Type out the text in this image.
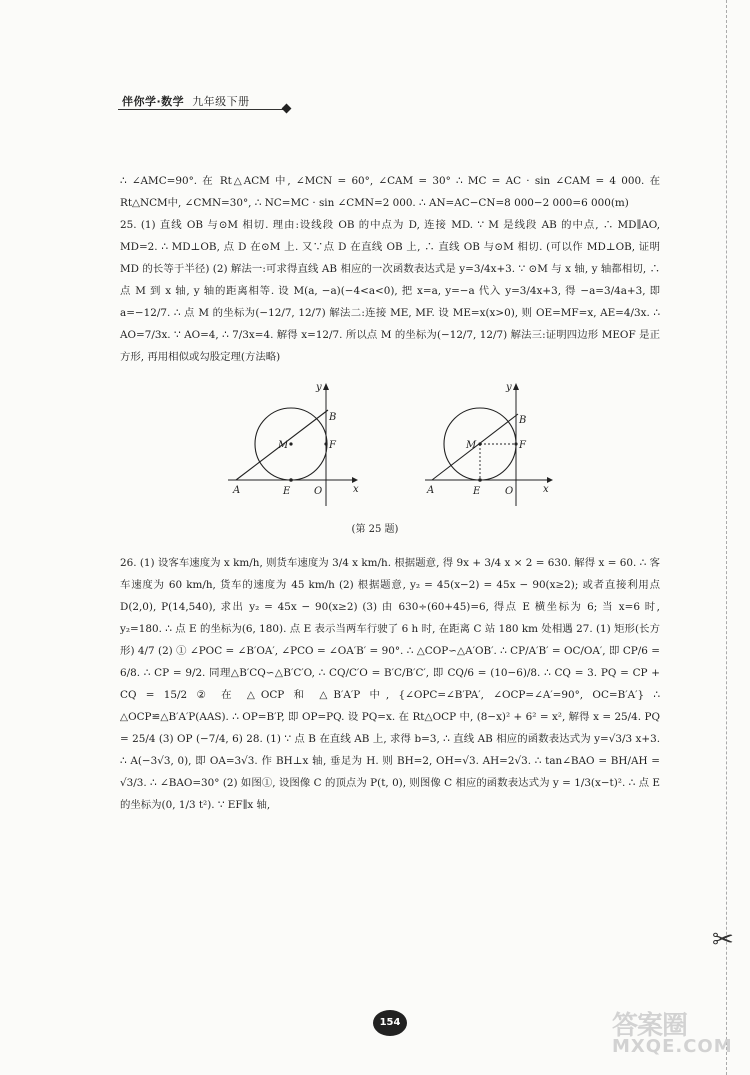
✂
伴你学·数学 九年级下册

∴ ∠AMC=90°. 在 Rt△ACM 中, ∠MCN = 60°, ∠CAM = 30° ∴ MC = AC · sin ∠CAM = 4 000. 在 Rt△NCM中, ∠CMN=30°, ∴ NC=MC · sin ∠CMN=2 000. ∴ AN=AC−CN=8 000−2 000=6 000(m)

25. (1) 直线 OB 与⊙M 相切. 理由:设线段 OB 的中点为 D, 连接 MD. ∵ M 是线段 AB 的中点, ∴ MD∥AO, MD=2. ∴ MD⊥OB, 点 D 在⊙M 上. 又∵点 D 在直线 OB 上, ∴ 直线 OB 与⊙M 相切. (可以作 MD⊥OB, 证明 MD 的长等于半径) (2) 解法一:可求得直线 AB 相应的一次函数表达式是 y=3/4x+3. ∵ ⊙M 与 x 轴, y 轴都相切, ∴ 点 M 到 x 轴, y 轴的距离相等. 设 M(a, −a)(−4<a<0), 把 x=a, y=−a 代入 y=3/4x+3, 得 −a=3/4a+3, 即 a=−12/7. ∴ 点 M 的坐标为(−12/7, 12/7) 解法二:连接 ME, MF. 设 ME=x(x>0), 则 OE=MF=x, AE=4/3x. ∴ AO=7/3x. ∵ AO=4, ∴ 7/3x=4. 解得 x=12/7. 所以点 M 的坐标为(−12/7, 12/7) 解法三:证明四边形 MEOF 是正方形, 再用相似或勾股定理(方法略)

y
x
A	E O
B
M	F
y
x
A	E O
B
M	F
(第 25 题)

26. (1) 设客车速度为 x km/h, 则货车速度为 3/4 x km/h. 根据题意, 得 9x + 3/4 x × 2 = 630. 解得 x = 60. ∴ 客车速度为 60 km/h, 货车的速度为 45 km/h (2) 根据题意, y₂ = 45(x−2) = 45x − 90(x≥2); 或者直接利用点 D(2,0), P(14,540), 求出 y₂ = 45x − 90(x≥2) (3) 由 630÷(60+45)=6, 得点 E 横坐标为 6; 当 x=6 时, y₂=180. ∴ 点 E 的坐标为(6, 180). 点 E 表示当两车行驶了 6 h 时, 在距离 C 站 180 km 处相遇 27. (1) 矩形(长方形) 4/7 (2) ① ∠POC = ∠B′OA′, ∠PCO = ∠OA′B′ = 90°. ∴ △COP∽△A′OB′. ∴ CP/A′B′ = OC/OA′, 即 CP/6 = 6/8. ∴ CP = 9/2. 同理△B′CQ∽△B′C′O, ∴ CQ/C′O = B′C/B′C′, 即 CQ/6 = (10−6)/8. ∴ CQ = 3. PQ = CP + CQ = 15/2 ② 在 △OCP 和 △B′A′P 中, {∠OPC=∠B′PA′, ∠OCP=∠A′=90°, OC=B′A′} ∴ △OCP≌△B′A′P(AAS). ∴ OP=B′P, 即 OP=PQ. 设 PQ=x. 在 Rt△OCP 中, (8−x)² + 6² = x², 解得 x = 25/4. PQ = 25/4 (3) OP (−7/4, 6) 28. (1) ∵ 点 B 在直线 AB 上, 求得 b=3, ∴ 直线 AB 相应的函数表达式为 y=√3/3 x+3. ∴ A(−3√3, 0), 即 OA=3√3. 作 BH⊥x 轴, 垂足为 H. 则 BH=2, OH=√3. AH=2√3. ∴ tan∠BAO = BH/AH = √3/3. ∴ ∠BAO=30° (2) 如图①, 设图像 C 的顶点为 P(t, 0), 则图像 C 相应的函数表达式为 y = 1/3(x−t)². ∴ 点 E 的坐标为(0, 1/3 t²). ∵ EF∥x 轴,

154	答案圈
MXQE.COM
